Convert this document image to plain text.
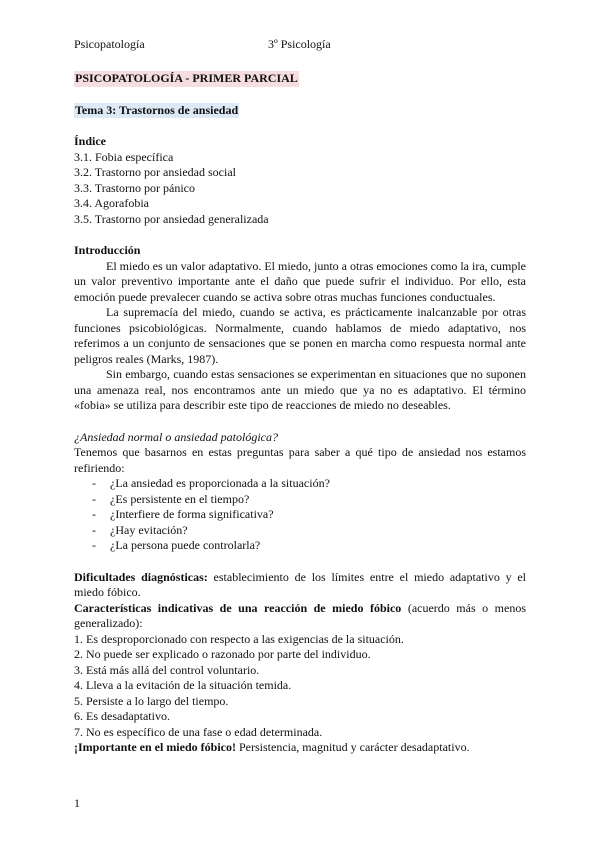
Psicopatología	3º Psicología
PSICOPATOLOGÍA - PRIMER PARCIAL
Tema 3: Trastornos de ansiedad
Índice
3.1. Fobia específica
3.2. Trastorno por ansiedad social
3.3. Trastorno por pánico
3.4. Agorafobia
3.5. Trastorno por ansiedad generalizada
Introducción

El miedo es un valor adaptativo. El miedo, junto a otras emociones como la ira, cumple un valor preventivo importante ante el daño que puede sufrir el individuo. Por ello, esta emoción puede prevalecer cuando se activa sobre otras muchas funciones conductuales.

La supremacía del miedo, cuando se activa, es prácticamente inalcanzable por otras funciones psicobiológicas. Normalmente, cuando hablamos de miedo adaptativo, nos referimos a un conjunto de sensaciones que se ponen en marcha como respuesta normal ante peligros reales (Marks, 1987).

Sin embargo, cuando estas sensaciones se experimentan en situaciones que no suponen una amenaza real, nos encontramos ante un miedo que ya no es adaptativo. El término «fobia» se utiliza para describir este tipo de reacciones de miedo no deseables.

¿Ansiedad normal o ansiedad patológica?

Tenemos que basarnos en estas preguntas para saber a qué tipo de ansiedad nos estamos refiriendo:

- ¿La ansiedad es proporcionada a la situación?
- ¿Es persistente en el tiempo?
- ¿Interfiere de forma significativa?
- ¿Hay evitación?
- ¿La persona puede controlarla?

Dificultades diagnósticas: establecimiento de los límites entre el miedo adaptativo y el miedo fóbico.

Características indicativas de una reacción de miedo fóbico (acuerdo más o menos generalizado):

1. Es desproporcionado con respecto a las exigencias de la situación.
2. No puede ser explicado o razonado por parte del individuo.
3. Está más allá del control voluntario.
4. Lleva a la evitación de la situación temida.
5. Persiste a lo largo del tiempo.
6. Es desadaptativo.
7. No es específico de una fase o edad determinada.

¡Importante en el miedo fóbico! Persistencia, magnitud y carácter desadaptativo.

1
